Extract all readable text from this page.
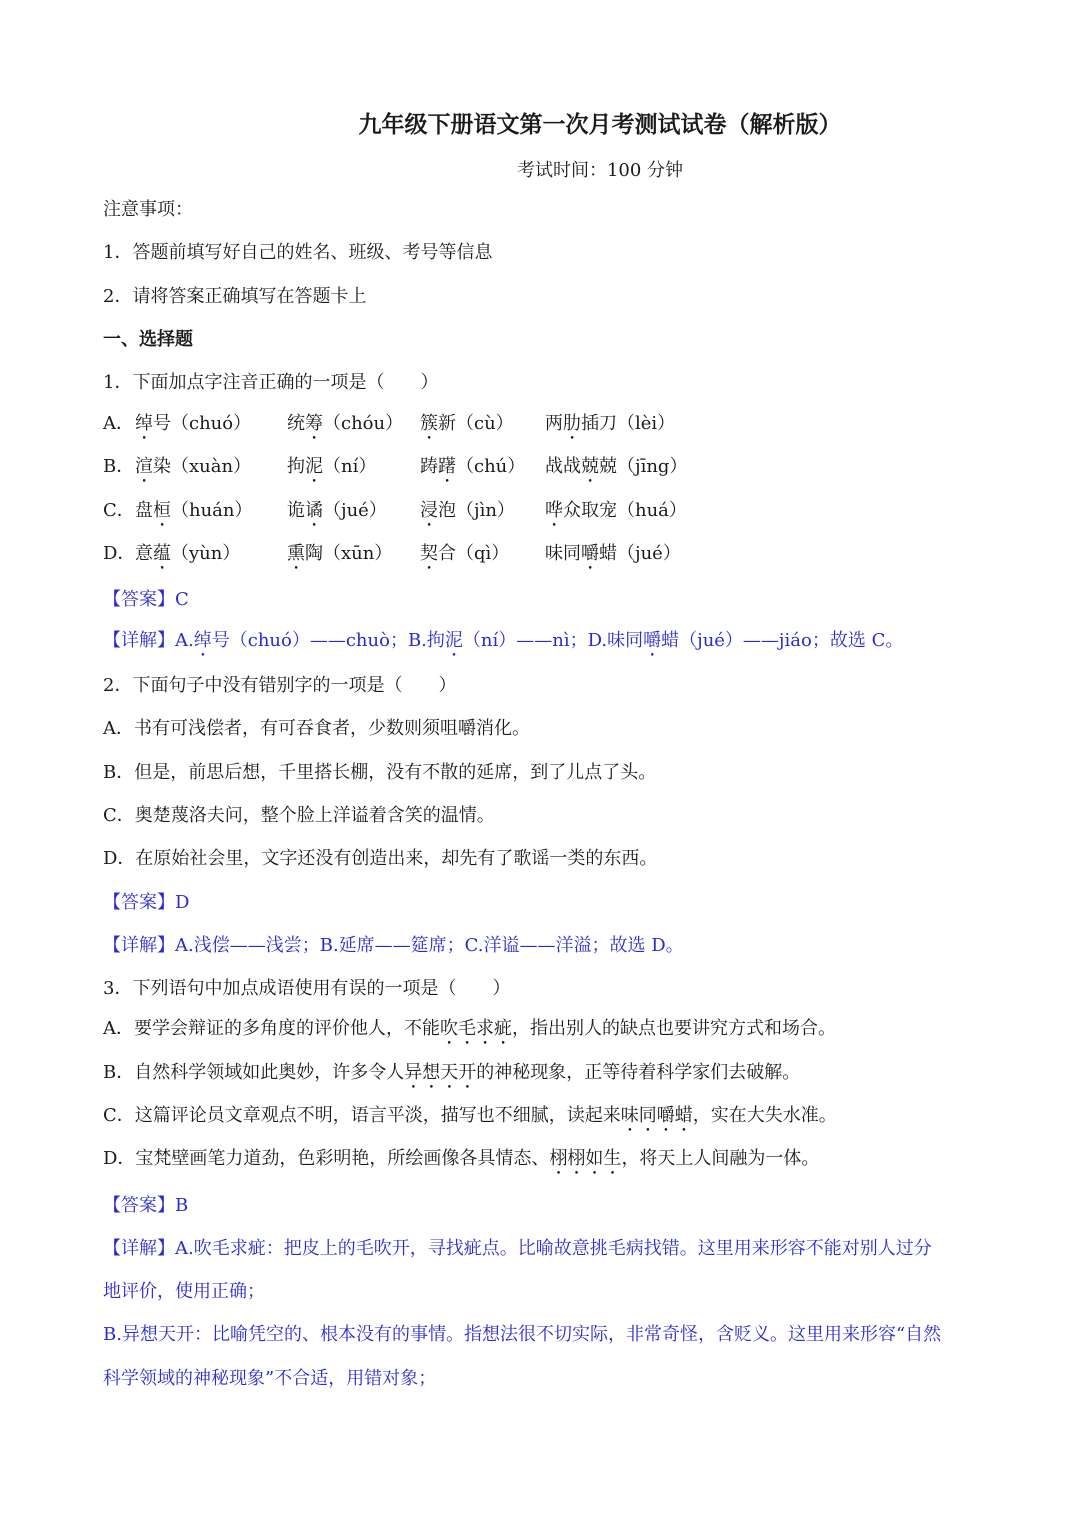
九年级下册语文第一次月考测试试卷（解析版）
考试时间：100 分钟
注意事项：
1．答题前填写好自己的姓名、班级、考号等信息
2．请将答案正确填写在答题卡上
一、选择题
1．下面加点字注音正确的一项是（　　）
A． 绰号（chuó） 统筹（chóu） 簇新（cù） 两肋插刀（lèi）
B． 渲染（xuàn） 拘泥（ní） 踌躇（chú） 战战兢兢（jīng）
C． 盘桓（huán） 诡谲（jué） 浸泡（jìn） 哗众取宠（huá）
D． 意蕴（yùn）	熏陶（xūn） 契合（qì） 味同嚼蜡（jué）
【答案】C
【详解】A.绰号（chuó）——chuò；B.拘泥（ní）——nì；D.味同嚼蜡（jué）——jiáo；故选 C。
2．下面句子中没有错别字的一项是（　　）
A．书有可浅偿者，有可吞食者，少数则须咀嚼消化。
B．但是，前思后想，千里搭长棚，没有不散的延席，到了儿点了头。
C．奥楚蔑洛夫问，整个脸上洋谥着含笑的温情。
D．在原始社会里，文字还没有创造出来，却先有了歌谣一类的东西。
【答案】D
【详解】A.浅偿——浅尝；B.延席——筵席；C.洋谥——洋溢；故选 D。
3．下列语句中加点成语使用有误的一项是（　　）
A．要学会辩证的多角度的评价他人，不能吹毛求疵，指出别人的缺点也要讲究方式和场合。
B．自然科学领域如此奥妙，许多令人异想天开的神秘现象，正等待着科学家们去破解。
C．这篇评论员文章观点不明，语言平淡，描写也不细腻，读起来味同嚼蜡，实在大失水准。
D．宝梵壁画笔力道劲，色彩明艳，所绘画像各具情态、栩栩如生，将天上人间融为一体。
【答案】B
【详解】A.吹毛求疵：把皮上的毛吹开，寻找疵点。比喻故意挑毛病找错。这里用来形容不能对别人过分
地评价，使用正确；
B.异想天开：比喻凭空的、根本没有的事情。指想法很不切实际，非常奇怪，含贬义。这里用来形容“自然
科学领域的神秘现象”不合适，用错对象；
